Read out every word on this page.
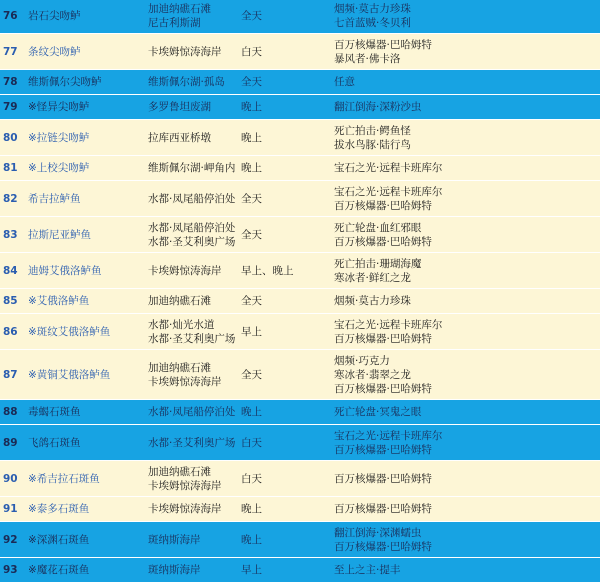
76	岩石尖吻鲈	加迪纳礁石滩
尼古利斯湖	全天	烟频·莫古力珍珠
七首蓝贼·冬贝利

77	条纹尖吻鲈	卡埃姆惊涛海岸	白天	百万核爆器·巴哈姆特
暴风者·佛卡洛

78	维斯佩尔尖吻鲈	维斯佩尔湖·孤岛	全天	任意

79	※怪异尖吻鲈	多罗鲁坦废湖	晚上	翻江倒海·深粉沙虫

80	※拉链尖吻鲈	拉库西亚桥墩	晚上	死亡拍击·鳄鱼怪
拔水鸟豚·陆行鸟

81	※上校尖吻鲈	维斯佩尔湖·岬角内	晚上	宝石之光·远程卡班库尔

82	希吉拉鲈鱼	水都·凤尾船停泊处	全天	宝石之光·远程卡班库尔
百万核爆器·巴哈姆特

83	拉斯尼亚鲈鱼	水都·凤尾船停泊处
水都·圣艾利奥广场	全天	死亡轮盘·血红邪眼
百万核爆器·巴哈姆特

84	迪姆艾俄洛鲈鱼	卡埃姆惊涛海岸	早上、晚上	死亡拍击·珊瑚海魔
寒冰者·鲜红之龙

85	※艾俄洛鲈鱼	加迪纳礁石滩	全天	烟频·莫古力珍珠

86	※斑纹艾俄洛鲈鱼	水都·灿光水道
水都·圣艾利奥广场	早上	宝石之光·远程卡班库尔
百万核爆器·巴哈姆特

87	※黄铜艾俄洛鲈鱼	加迪纳礁石滩
卡埃姆惊涛海岸	全天	烟频·巧克力
寒冰者·翡翠之龙
百万核爆器·巴哈姆特

88	毒蝎石斑鱼	水都·凤尾船停泊处	晚上	死亡轮盘·冥鬼之眼

89	飞鸽石斑鱼	水都·圣艾利奥广场	白天	宝石之光·远程卡班库尔
百万核爆器·巴哈姆特

90	※希吉拉石斑鱼	加迪纳礁石滩
卡埃姆惊涛海岸	白天	百万核爆器·巴哈姆特

91	※泰多石斑鱼	卡埃姆惊涛海岸	晚上	百万核爆器·巴哈姆特

92	※深渊石斑鱼	斑纳斯海岸	晚上	翻江倒海·深渊蠕虫
百万核爆器·巴哈姆特

93	※魔花石斑鱼	斑纳斯海岸	早上	至上之主·提丰
